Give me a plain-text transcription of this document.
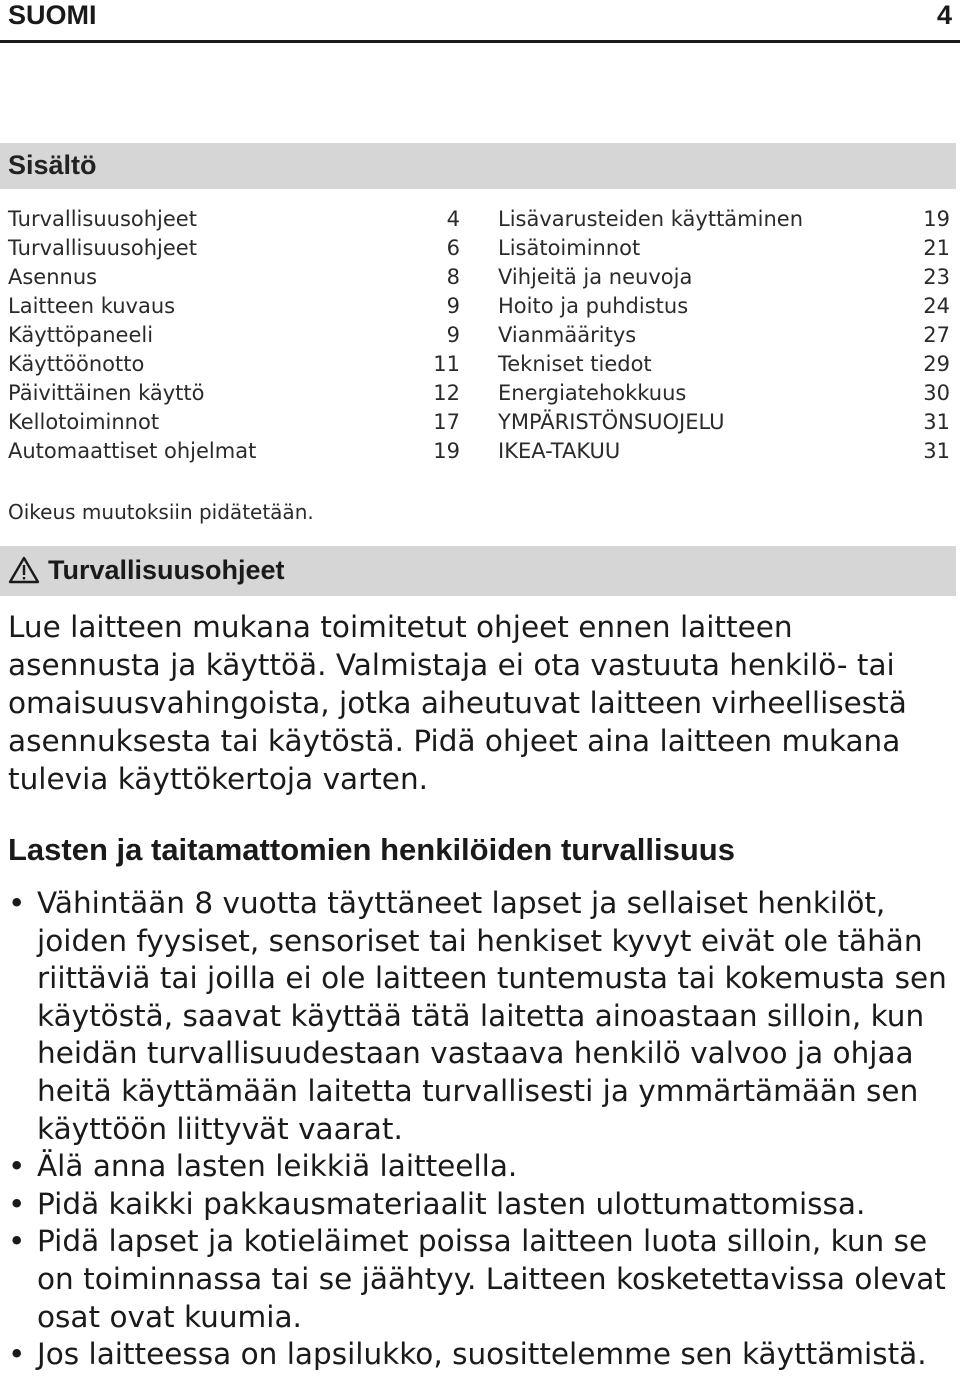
SUOMI	4
Sisältö
Turvallisuusohjeet	4
Turvallisuusohjeet	6
Asennus	8
Laitteen kuvaus	9
Käyttöpaneeli	9
Käyttöönotto	11
Päivittäinen käyttö	12
Kellotoiminnot	17
Automaattiset ohjelmat	19
Lisävarusteiden käyttäminen	19
Lisätoiminnot	21
Vihjeitä ja neuvoja	23
Hoito ja puhdistus	24
Vianmääritys	27
Tekniset tiedot	29
Energiatehokkuus	30
YMPÄRISTÖNSUOJELU	31
IKEA-TAKUU	31
Oikeus muutoksiin pidätetään.
Turvallisuusohjeet
Lue laitteen mukana toimitetut ohjeet ennen laitteen asennusta ja käyttöä. Valmistaja ei ota vastuuta henkilö- tai omaisuusvahingoista, jotka aiheutuvat laitteen virheellisestä asennuksesta tai käytöstä. Pidä ohjeet aina laitteen mukana tulevia käyttökertoja varten.
Lasten ja taitamattomien henkilöiden turvallisuus
• Vähintään 8 vuotta täyttäneet lapset ja sellaiset henkilöt, joiden fyysiset, sensoriset tai henkiset kyvyt eivät ole tähän riittäviä tai joilla ei ole laitteen tuntemusta tai kokemusta sen käytöstä, saavat käyttää tätä laitetta ainoastaan silloin, kun heidän turvallisuudestaan vastaava henkilö valvoo ja ohjaa heitä käyttämään laitetta turvallisesti ja ymmärtämään sen käyttöön liittyvät vaarat.
• Älä anna lasten leikkiä laitteella.
• Pidä kaikki pakkausmateriaalit lasten ulottumattomissa.
• Pidä lapset ja kotieläimet poissa laitteen luota silloin, kun se on toiminnassa tai se jäähtyy. Laitteen kosketettavissa olevat osat ovat kuumia.
• Jos laitteessa on lapsilukko, suosittelemme sen käyttämistä.
